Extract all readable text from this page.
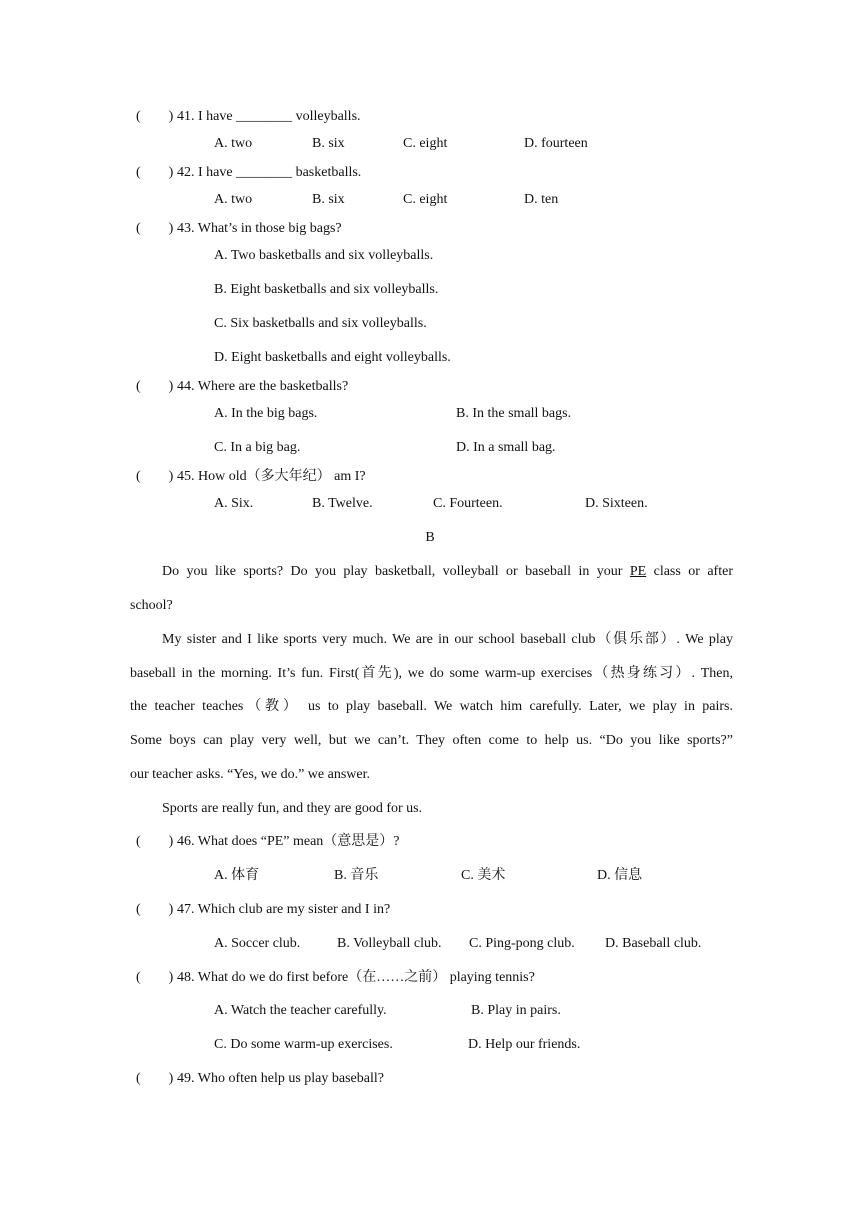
(　　) 41. I have ________ volleyballs.
A. two	B. six	C. eight	D. fourteen
(　　) 42. I have ________ basketballs.
A. two	B. six	C. eight	D. ten
(　　) 43. What’s in those big bags?
A. Two basketballs and six volleyballs.
B. Eight basketballs and six volleyballs.
C. Six basketballs and six volleyballs.
D. Eight basketballs and eight volleyballs.
(　　) 44. Where are the basketballs?
A. In the big bags.	B. In the small bags.
C. In a big bag.	D. In a small bag.
(　　) 45. How old（多大年纪） am I?
A. Six.	B. Twelve.	C. Fourteen.	D. Sixteen.
B
Do you like sports? Do you play basketball, volleyball or baseball in your PE class or after
school?
My sister and I like sports very much. We are in our school baseball club（俱乐部）. We play
baseball in the morning. It’s fun. First(首先), we do some warm-up exercises（热身练习）. Then,
the teacher teaches（教） us to play baseball. We watch him carefully. Later, we play in pairs.
Some boys can play very well, but we can’t. They often come to help us. “Do you like sports?”
our teacher asks. “Yes, we do.” we answer.
Sports are really fun, and they are good for us.
(　　) 46. What does “PE” mean（意思是）?
A. 体育	B. 音乐	C. 美术	D. 信息
(　　) 47. Which club are my sister and I in?
A. Soccer club.	B. Volleyball club. C. Ping-pong club. D. Baseball club.
(　　) 48. What do we do first before（在……之前） playing tennis?
A. Watch the teacher carefully.	B. Play in pairs.
C. Do some warm-up exercises.	D. Help our friends.
(　　) 49. Who often help us play baseball?
